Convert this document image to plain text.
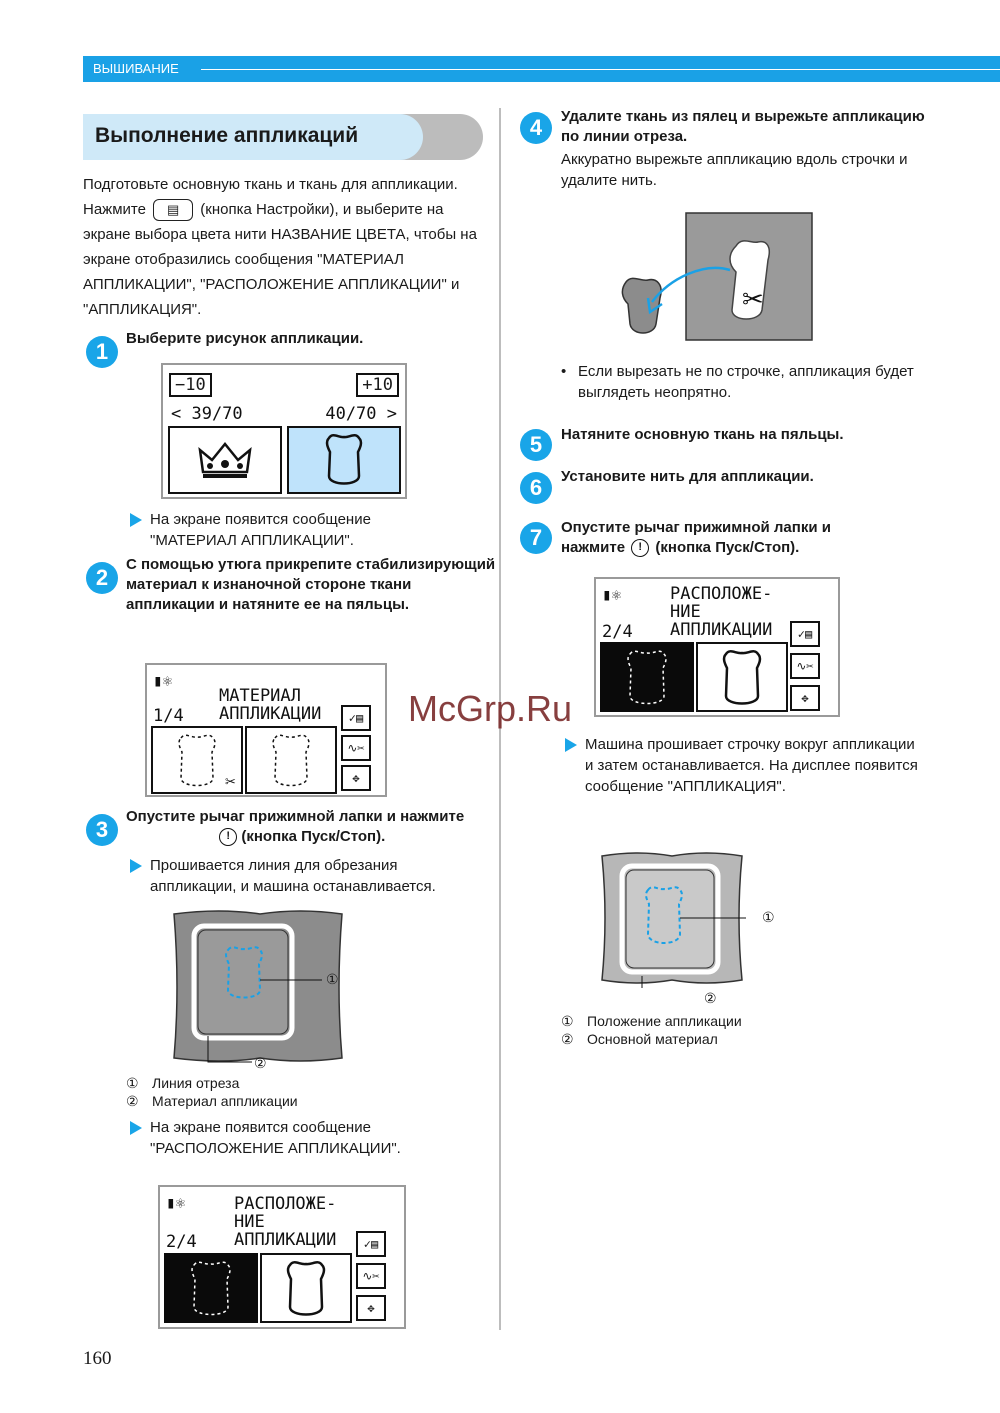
ВЫШИВАНИЕ
Выполнение аппликаций
Подготовьте основную ткань и ткань для аппликации. Нажмите ▤ (кнопка Настройки), и выберите на экране выбора цвета нити НАЗВАНИЕ ЦВЕТА, чтобы на экране отобразились сообщения "МАТЕРИАЛ АППЛИКАЦИИ", "РАСПОЛОЖЕНИЕ АППЛИКАЦИИ" и "АППЛИКАЦИЯ".
1
Выберите рисунок аппликации.
−10	+10
< 39/70	40/70 >
На экране появится сообщение "МАТЕРИАЛ АППЛИКАЦИИ".
2
С помощью утюга прикрепите стабилизирующий материал к изнаночной стороне ткани аппликации и натяните ее на пяльцы.
▮⚛
МАТЕРИАЛ
АППЛИКАЦИИ
1/4
✂
✓▤
∿✂
✥
3
Опустите рычаг прижимной лапки и нажмите
! (кнопка Пуск/Стоп).
Прошивается линия для обрезания аппликации, и машина останавливается.
①
②
① Линия отреза
② Материал аппликации
На экране появится сообщение "РАСПОЛОЖЕНИЕ АППЛИКАЦИИ".
▮⚛	РАСПОЛОЖЕ-
НИЕ
АППЛИКАЦИИ
2/4	✓▤
∿✂
✥
4	Удалите ткань из пялец и вырежьте аппликацию по линии отреза.
Аккуратно вырежьте аппликацию вдоль строчки и удалите нить.
✂
• Если вырезать не по строчке, аппликация будет выглядеть неопрятно.
5	Натяните основную ткань на пяльцы.
6	Установите нить для аппликации.
7	Опустите рычаг прижимной лапки и
нажмите ! (кнопка Пуск/Стоп).
▮⚛	РАСПОЛОЖЕ-
НИЕ
АППЛИКАЦИИ
2/4	✓▤
∿✂
✥
Машина прошивает строчку вокруг аппликации и затем останавливается. На дисплее появится сообщение "АППЛИКАЦИЯ".
①
②
① Положение аппликации
② Основной материал
McGrp.Ru
160
